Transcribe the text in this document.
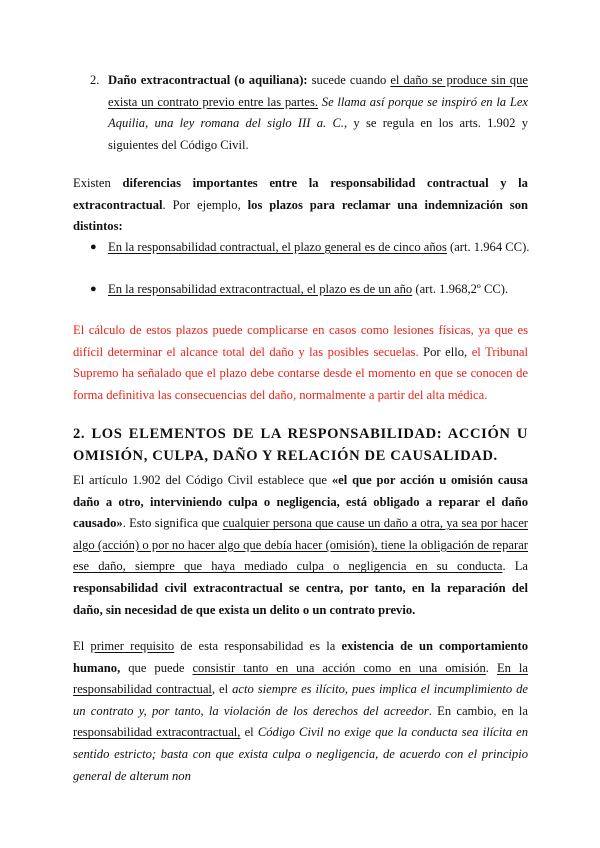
2. Daño extracontractual (o aquiliana): sucede cuando el daño se produce sin que exista un contrato previo entre las partes. Se llama así porque se inspiró en la Lex Aquilia, una ley romana del siglo III a. C., y se regula en los arts. 1.902 y siguientes del Código Civil.
Existen diferencias importantes entre la responsabilidad contractual y la extracontractual. Por ejemplo, los plazos para reclamar una indemnización son distintos:
● En la responsabilidad contractual, el plazo general es de cinco años (art. 1.964 CC).
● En la responsabilidad extracontractual, el plazo es de un año (art. 1.968,2º CC).
El cálculo de estos plazos puede complicarse en casos como lesiones físicas, ya que es difícil determinar el alcance total del daño y las posibles secuelas. Por ello, el Tribunal Supremo ha señalado que el plazo debe contarse desde el momento en que se conocen de forma definitiva las consecuencias del daño, normalmente a partir del alta médica.
2. LOS ELEMENTOS DE LA RESPONSABILIDAD: ACCIÓN U OMISIÓN, CULPA, DAÑO Y RELACIÓN DE CAUSALIDAD.
El artículo 1.902 del Código Civil establece que «el que por acción u omisión causa daño a otro, interviniendo culpa o negligencia, está obligado a reparar el daño causado». Esto significa que cualquier persona que cause un daño a otra, ya sea por hacer algo (acción) o por no hacer algo que debía hacer (omisión), tiene la obligación de reparar ese daño, siempre que haya mediado culpa o negligencia en su conducta. La responsabilidad civil extracontractual se centra, por tanto, en la reparación del daño, sin necesidad de que exista un delito o un contrato previo.
El primer requisito de esta responsabilidad es la existencia de un comportamiento humano, que puede consistir tanto en una acción como en una omisión. En la responsabilidad contractual, el acto siempre es ilícito, pues implica el incumplimiento de un contrato y, por tanto, la violación de los derechos del acreedor. En cambio, en la responsabilidad extracontractual, el Código Civil no exige que la conducta sea ilícita en sentido estricto; basta con que exista culpa o negligencia, de acuerdo con el principio general de alterum non
